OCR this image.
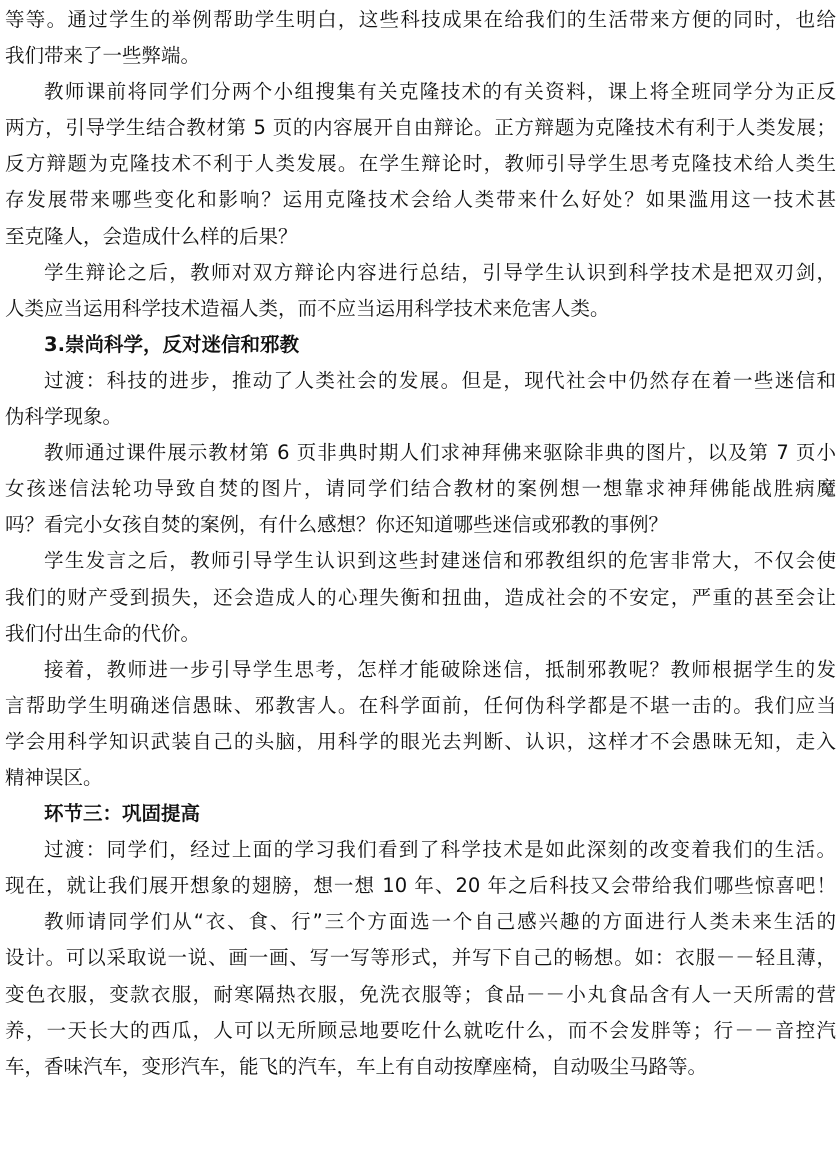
等等。通过学生的举例帮助学生明白，这些科技成果在给我们的生活带来方便的同时，也给
我们带来了一些弊端。
教师课前将同学们分两个小组搜集有关克隆技术的有关资料，课上将全班同学分为正反
两方，引导学生结合教材第 5 页的内容展开自由辩论。正方辩题为克隆技术有利于人类发展；
反方辩题为克隆技术不利于人类发展。在学生辩论时，教师引导学生思考克隆技术给人类生
存发展带来哪些变化和影响？运用克隆技术会给人类带来什么好处？如果滥用这一技术甚
至克隆人，会造成什么样的后果？
学生辩论之后，教师对双方辩论内容进行总结，引导学生认识到科学技术是把双刃剑，
人类应当运用科学技术造福人类，而不应当运用科学技术来危害人类。
3.崇尚科学，反对迷信和邪教
过渡：科技的进步，推动了人类社会的发展。但是，现代社会中仍然存在着一些迷信和
伪科学现象。
教师通过课件展示教材第 6 页非典时期人们求神拜佛来驱除非典的图片，以及第 7 页小
女孩迷信法轮功导致自焚的图片，请同学们结合教材的案例想一想靠求神拜佛能战胜病魔
吗？看完小女孩自焚的案例，有什么感想？你还知道哪些迷信或邪教的事例？
学生发言之后，教师引导学生认识到这些封建迷信和邪教组织的危害非常大，不仅会使
我们的财产受到损失，还会造成人的心理失衡和扭曲，造成社会的不安定，严重的甚至会让
我们付出生命的代价。
接着，教师进一步引导学生思考，怎样才能破除迷信，抵制邪教呢？教师根据学生的发
言帮助学生明确迷信愚昧、邪教害人。在科学面前，任何伪科学都是不堪一击的。我们应当
学会用科学知识武装自己的头脑，用科学的眼光去判断、认识，这样才不会愚昧无知，走入
精神误区。
环节三：巩固提高
过渡：同学们，经过上面的学习我们看到了科学技术是如此深刻的改变着我们的生活。
现在，就让我们展开想象的翅膀，想一想 10 年、20 年之后科技又会带给我们哪些惊喜吧！
教师请同学们从“衣、食、行”三个方面选一个自己感兴趣的方面进行人类未来生活的
设计。可以采取说一说、画一画、写一写等形式，并写下自己的畅想。如：衣服－－轻且薄，
变色衣服，变款衣服，耐寒隔热衣服，免洗衣服等；食品－－小丸食品含有人一天所需的营
养，一天长大的西瓜，人可以无所顾忌地要吃什么就吃什么，而不会发胖等；行－－音控汽
车，香味汽车，变形汽车，能飞的汽车，车上有自动按摩座椅，自动吸尘马路等。
